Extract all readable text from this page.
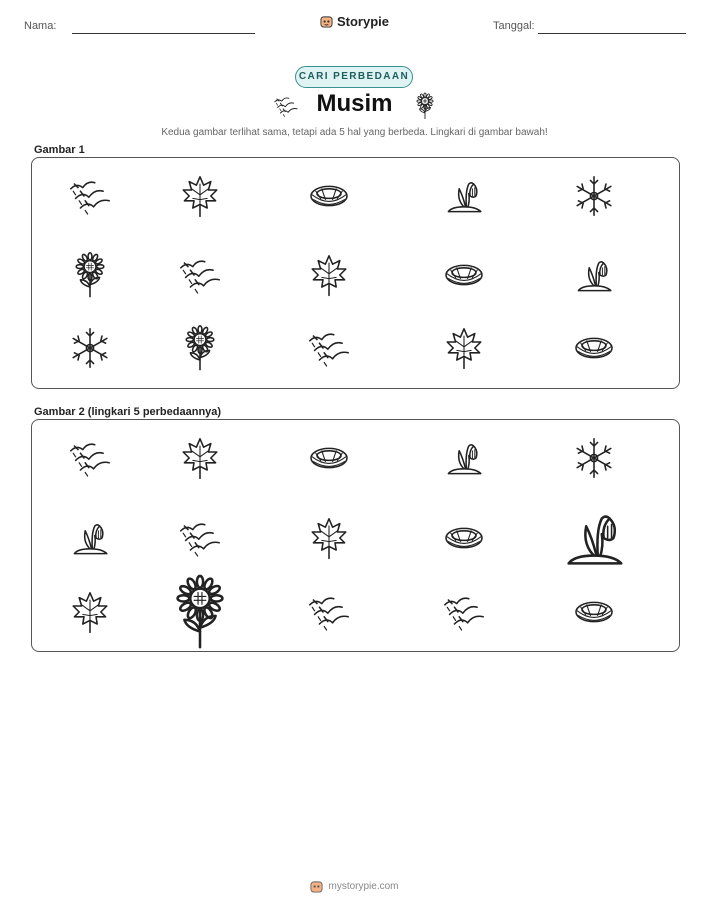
Nama:	Storypie	Tanggal:
CARI PERBEDAAN
Musim
Kedua gambar terlihat sama, tetapi ada 5 hal yang berbeda. Lingkari di gambar bawah!
Gambar 1
Gambar 2 (lingkari 5 perbedaannya)
mystorypie.com
